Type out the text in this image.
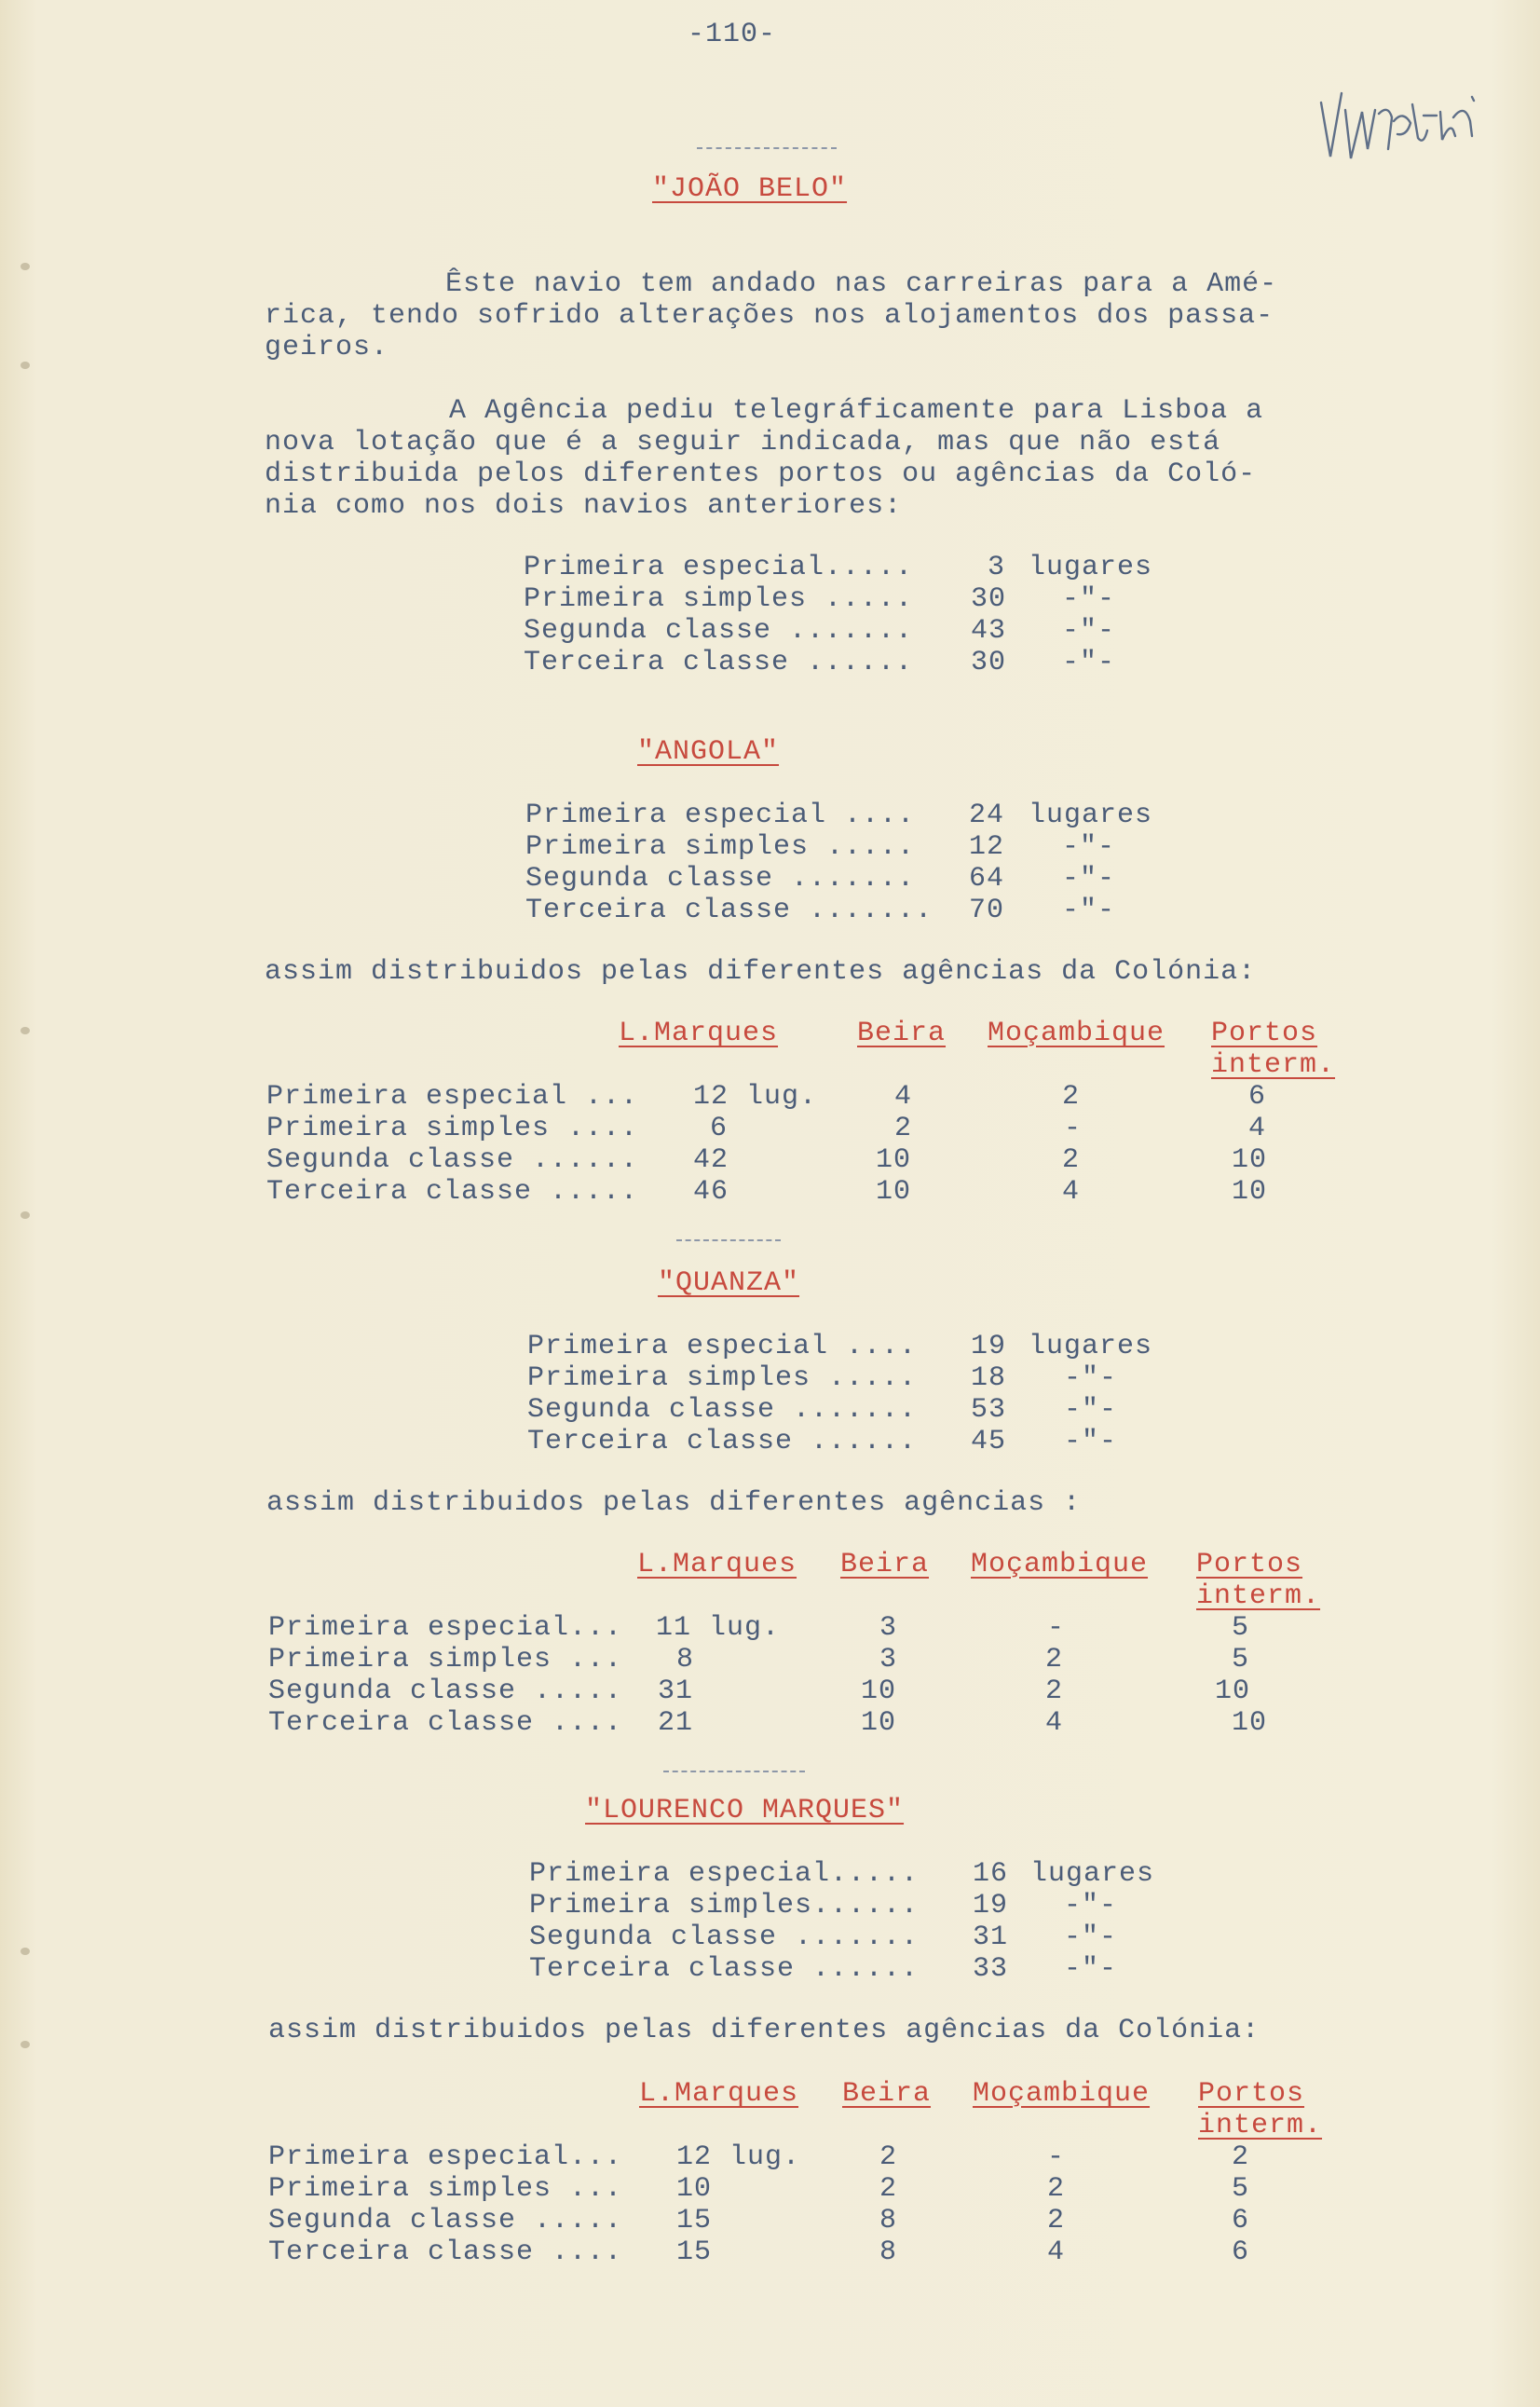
-110-
"JOÃO BELO"
Êste navio tem andado nas carreiras para a Amé-
rica, tendo sofrido alterações nos alojamentos dos passa-
geiros.
A Agência pediu telegráficamente para Lisboa a
nova lotação que é a seguir indicada, mas que não está
distribuida pelos diferentes portos ou agências da Coló-
nia como nos dois navios anteriores:
Primeira especial.....	3 lugares
Primeira simples ..... 30 -"-
Segunda classe ....... 43 -"-
Terceira classe ...... 30 -"-
"ANGOLA"
Primeira especial .... 24 lugares
Primeira simples ..... 12 -"-
Segunda classe ....... 64 -"-
Terceira classe ....... 70 -"-
assim distribuidos pelas diferentes agências da Colónia:
L.Marques	Beira Moçambique Portos
interm.
Primeira especial ... 12 lug.	4	2	6
Primeira simples ....	6	2	-	4
Segunda classe ...... 42	10	2	10
Terceira classe ..... 46	10	4	10
"QUANZA"
Primeira especial .... 19 lugares
Primeira simples ..... 18 -"-
Segunda classe ....... 53 -"-
Terceira classe ...... 45 -"-
assim distribuidos pelas diferentes agências :
L.Marques Beira Moçambique Portos
interm.
Primeira especial... 11 lug.	3	-	5
Primeira simples ... 8	3	2	5
Segunda classe ..... 31	10	2	10
Terceira classe .... 21	10	4	10
"LOURENCO MARQUES"
Primeira especial..... 16 lugares
Primeira simples...... 19 -"-
Segunda classe ....... 31 -"-
Terceira classe ...... 33 -"-
assim distribuidos pelas diferentes agências da Colónia:
L.Marques Beira Moçambique Portos
interm.
Primeira especial... 12 lug.	2	-	2
Primeira simples ... 10	2	2	5
Segunda classe ..... 15	8	2	6
Terceira classe .... 15	8	4	6
